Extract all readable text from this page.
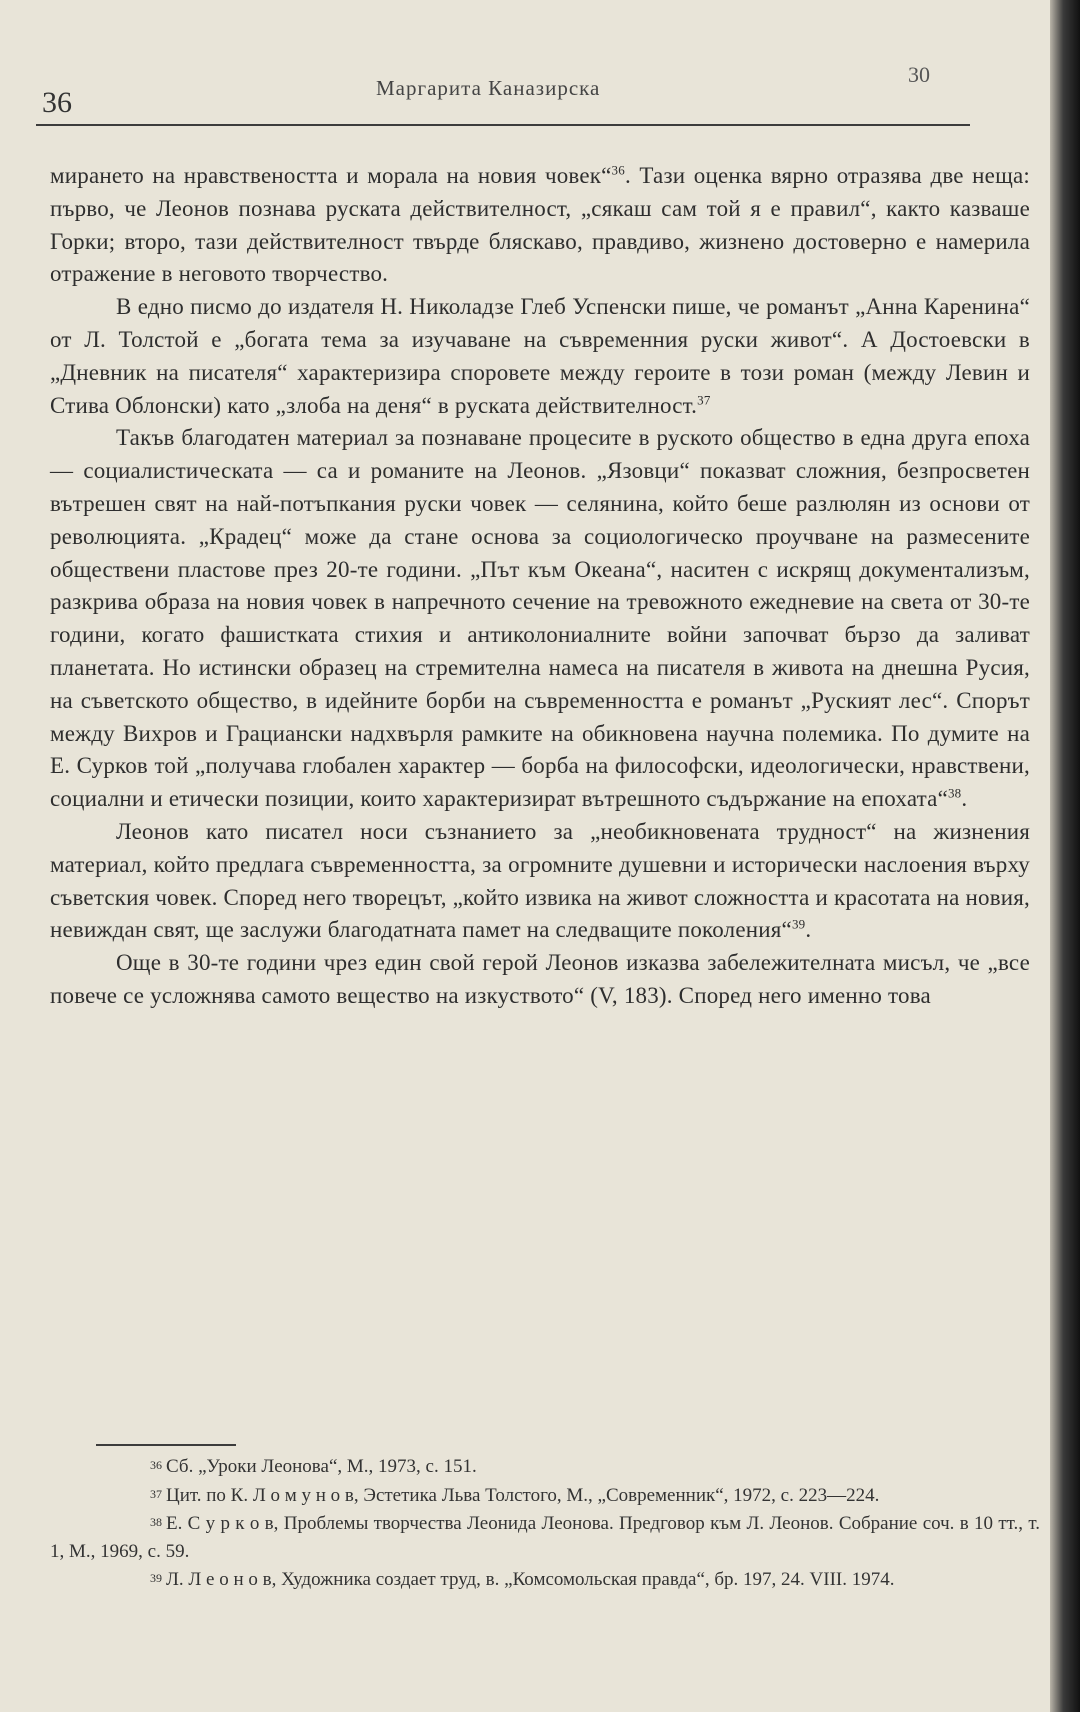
36	Маргарита Каназирска
30

мирането на нравствеността и морала на новия човек“$^{36}$. Тази оценка вярно отразява две неща: първо, че Леонов познава руската действителност, „сякаш сам той я е правил“, както казваше Горки; второ, тази действителност твърде бляскаво, правдиво, жизнено достоверно е намерила отражение в неговото творчество.

В едно писмо до издателя Н. Николадзе Глеб Успенски пише, че романът „Анна Каренина“ от Л. Толстой е „богата тема за изучаване на съвременния руски живот“. А Достоевски в „Дневник на писателя“ характеризира споровете между героите в този роман (между Левин и Стива Облонски) като „злоба на деня“ в руската действителност.$^{37}$

Такъв благодатен материал за познаване процесите в руското общество в една друга епоха — социалистическата — са и романите на Леонов. „Язовци“ показват сложния, безпросветен вътрешен свят на най-потъпкания руски човек — селянина, който беше разлюлян из основи от революцията. „Крадец“ може да стане основа за социологическо проучване на размесените обществени пластове през 20-те години. „Път към Океана“, наситен с искрящ документализъм, разкрива образа на новия човек в напречното сечение на тревожното ежедневие на света от 30-те години, когато фашистката стихия и антиколониалните войни започват бързо да заливат планетата. Но истински образец на стремителна намеса на писателя в живота на днешна Русия, на съветското общество, в идейните борби на съвременността е романът „Руският лес“. Спорът между Вихров и Грациански надхвърля рамките на обикновена научна полемика. По думите на Е. Сурков той „получава глобален характер — борба на философски, идеологически, нравствени, социални и етически позиции, които характеризират вътрешното съдържание на епохата“$^{38}$.

Леонов като писател носи съзнанието за „необикновената трудност“ на жизнения материал, който предлага съвременността, за огромните душевни и исторически наслоения върху съветския човек. Според него творецът, „който извика на живот сложността и красотата на новия, невиждан свят, ще заслужи благодатната памет на следващите поколения“$^{39}$.

Още в 30-те години чрез един свой герой Леонов изказва забележителната мисъл, че „все повече се усложнява самото вещество на изкуството“ (V, 183). Според него именно това

36 Сб. „Уроки Леонова“, М., 1973, с. 151.

37 Цит. по К. Л о м у н о в, Эстетика Льва Толстого, М., „Современник“, 1972, с. 223—224.

38 Е. С у р к о в, Проблемы творчества Леонида Леонова. Предговор към Л. Леонов. Собрание соч. в 10 тт., т. 1, М., 1969, с. 59.

39 Л. Л е о н о в, Художника создает труд, в. „Комсомольская правда“, бр. 197, 24. VIII. 1974.
